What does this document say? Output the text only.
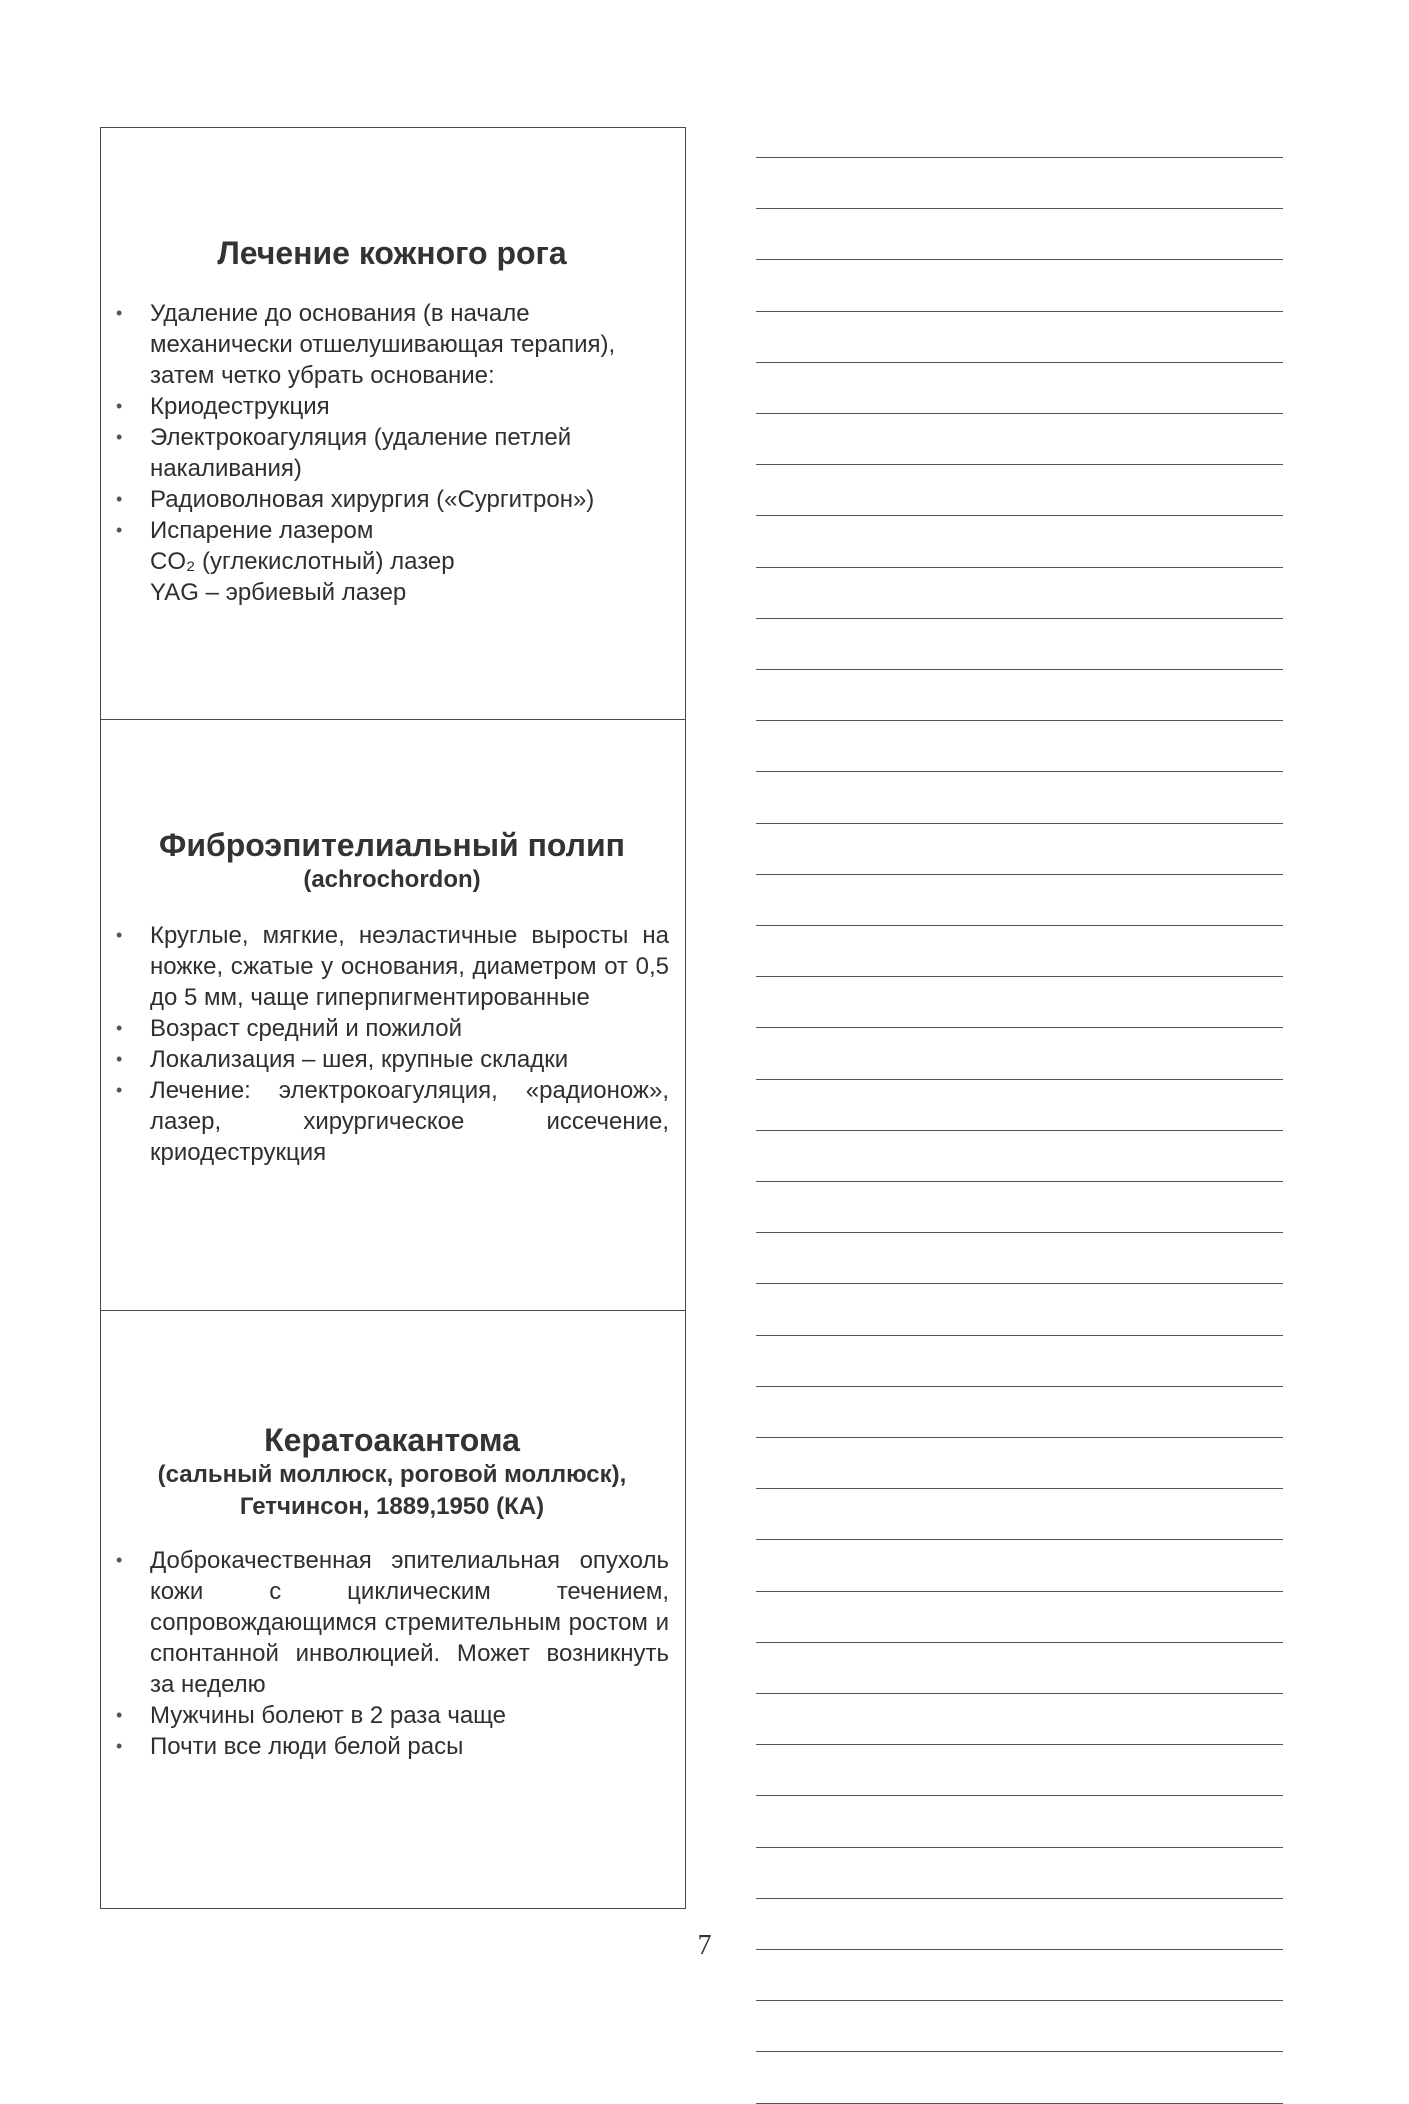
Лечение кожного рога
• Удаление до основания (в начале механически отшелушивающая терапия), затем четко убрать основание:
• Криодеструкция
• Электрокоагуляция (удаление петлей накаливания)
• Радиоволновая хирургия («Сургитрон»)
• Испарение лазером
CO₂ (углекислотный) лазер
YAG – эрбиевый лазер
Фиброэпителиальный полип
(achrochordon)
• Круглые, мягкие, неэластичные выросты на ножке, сжатые у основания, диаметром от 0,5 до 5 мм, чаще гиперпигментированные
• Возраст средний и пожилой
• Локализация – шея, крупные складки
• Лечение: электрокоагуляция, «радионож», лазер, хирургическое иссечение, криодеструкция
Кератоакантома
(сальный моллюск, роговой моллюск), Гетчинсон, 1889,1950 (КА)
• Доброкачественная эпителиальная опухоль кожи с циклическим течением, сопровождающимся стремительным ростом и спонтанной инволюцией. Может возникнуть за неделю
• Мужчины болеют в 2 раза чаще
• Почти все люди белой расы
7
